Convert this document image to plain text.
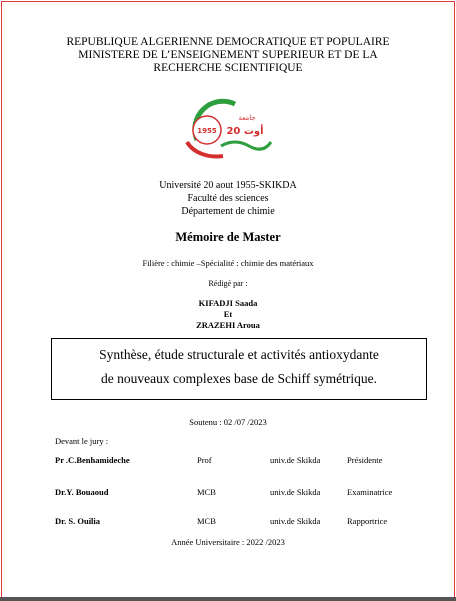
REPUBLIQUE ALGERIENNE DEMOCRATIQUE ET POPULAIRE
MINISTERE DE L’ENSEIGNEMENT SUPERIEUR ET DE LA
RECHERCHE SCIENTIFIQUE
1955
جامعة
20 أوت
Université 20 aout 1955-SKIKDA
Faculté des sciences
Département de chimie
Mémoire de Master
Filière : chimie –Spécialité : chimie des matériaux
Rédigé par :
KIFADJI Saada
Et
ZRAZEHI Aroua
Synthèse, étude structurale et activités antioxydante
de nouveaux complexes base de Schiff symétrique.
Soutenu : 02 /07 /2023
Devant le jury :
Pr .C.Benhamideche	Prof	univ.de Skikda	Présidente
Dr.Y. Bouaoud	MCB	univ.de Skikda	Examinatrice
Dr. S. Ouilia	MCB	univ.de Skikda	Rapportrice
Année Universitaire : 2022 /2023
